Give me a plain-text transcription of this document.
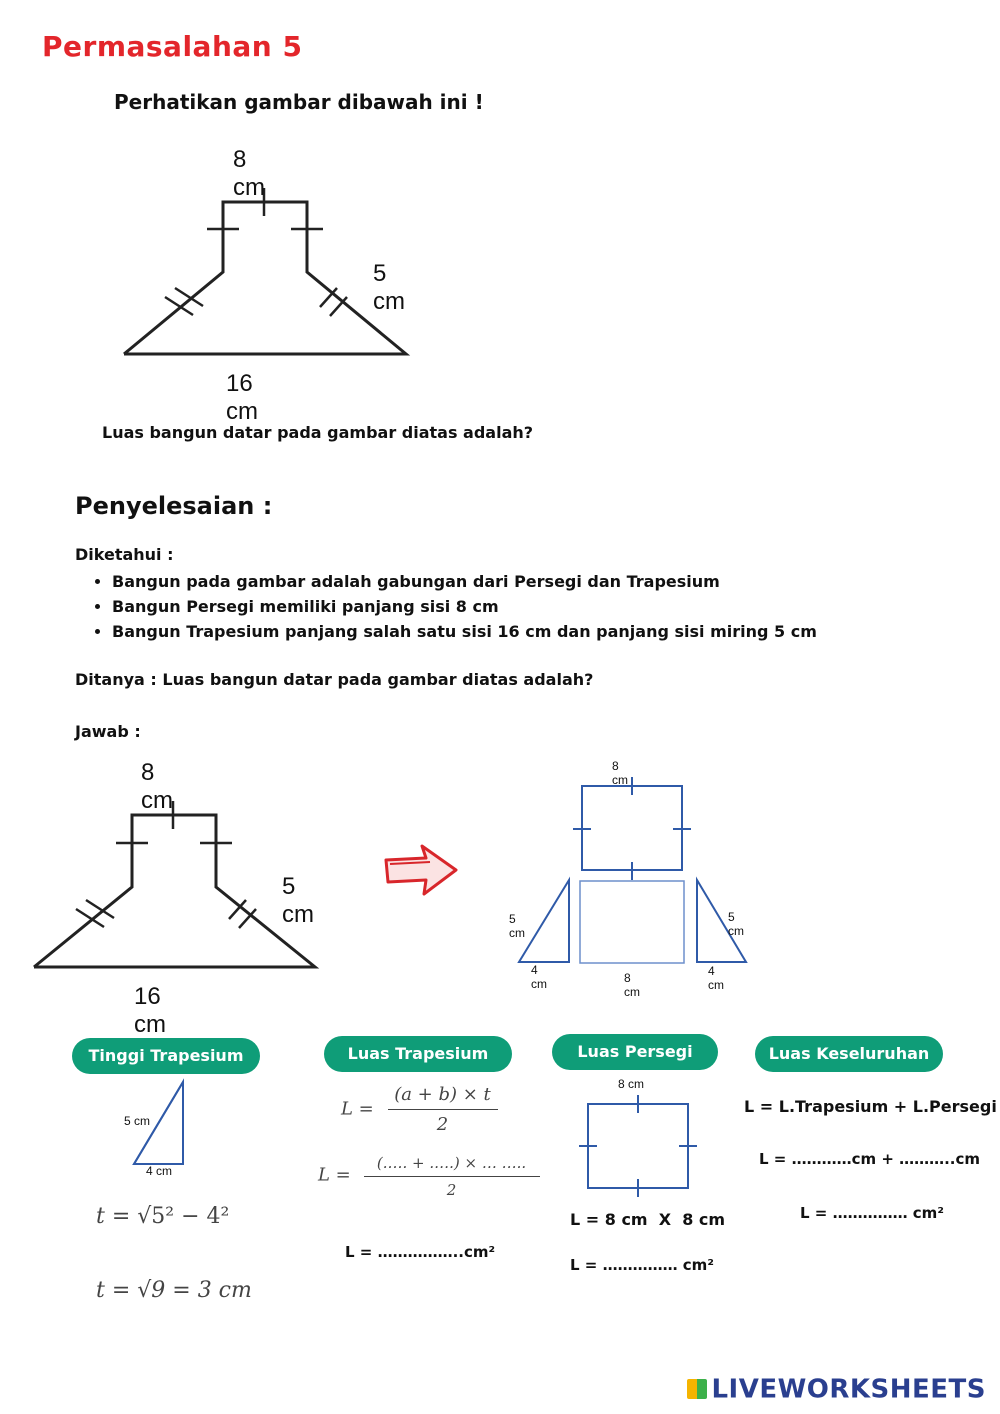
Permasalahan 5
Perhatikan gambar dibawah ini !
8 cm
5 cm
16 cm
Luas bangun datar pada gambar diatas adalah?
Penyelesaian :
Diketahui :
• Bangun pada gambar adalah gabungan dari Persegi dan Trapesium
• Bangun Persegi memiliki panjang sisi 8 cm
• Bangun Trapesium panjang salah satu sisi 16 cm dan panjang sisi miring 5 cm
Ditanya : Luas bangun datar pada gambar diatas adalah?
Jawab :
8 cm
5 cm
16 cm
8 cm
5 cm
4 cm	8 cm
5 cm
4 cm
Tinggi Trapesium
5 cm
4 cm
t = √5² − 4²
t = √9 = 3 cm
Luas Trapesium
$L = \frac{(a + b) \times t}{2}$
$L = \frac{(.\dots. + .\dots.) \times \dots \dots..}{2}$
L = ……………..cm²
Luas Persegi
8 cm
L = 8 cm  X  8 cm
L = …………… cm²
Luas Keseluruhan
L = L.Trapesium + L.Persegi
L = …………cm + ………..cm
L = …………… cm²
LIVEWORKSHEETS
